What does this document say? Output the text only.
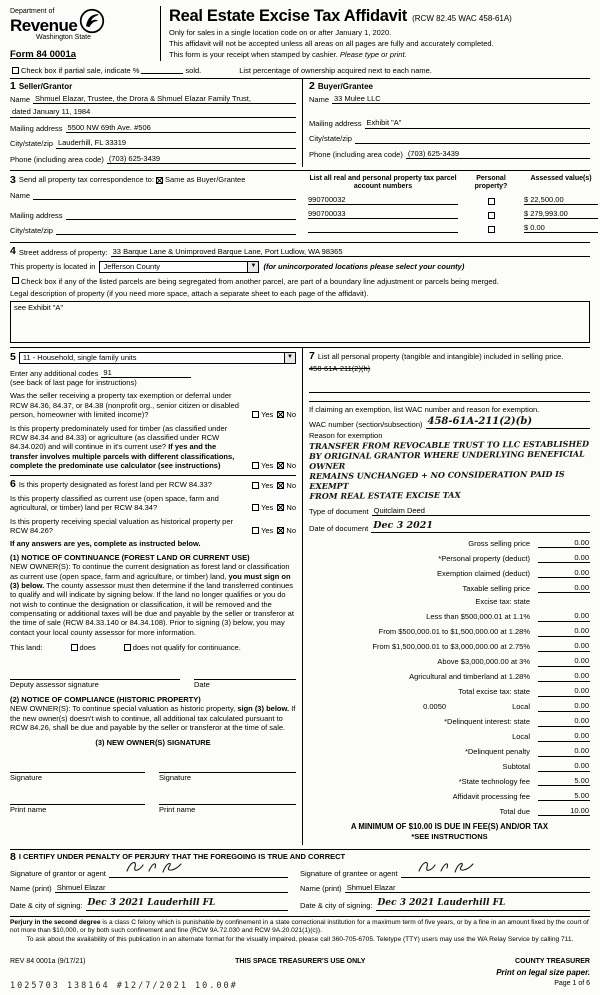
Department of
Revenue
Washington State
Form 84 0001a
Real Estate Excise Tax Affidavit (RCW 82.45 WAC 458-61A)
Only for sales in a single location code on or after January 1, 2020.
This affidavit will not be accepted unless all areas on all pages are fully and accurately completed.
This form is your receipt when stamped by cashier. Please type or print.
Check box if partial sale, indicate %	sold.	List percentage of ownership acquired next to each name.
1 Seller/Grantor
Name Shmuel Elazar, Trustee, the Drora & Shmuel Elazar Family Trust,
dated January 11, 1984
Mailing address 5500 NW 69th Ave. #506
City/state/zip Lauderhill, FL 33319
Phone (including area code) (703) 625-3439
2 Buyer/Grantee
Name 33 Mulee LLC
Mailing address Exhibit "A"
City/state/zip
Phone (including area code) (703) 625-3439
3 Send all property tax correspondence to: Same as Buyer/Grantee
Name
Mailing address
City/state/zip
List all real and personal property tax parcel account numbers
Personal property?
Assessed value(s)
990700032	$ 22,500.00
990700033	$ 279,993.00
$ 0.00
4 Street address of property: 33 Barque Lane & Unimproved Barque Lane, Port Ludlow, WA 98365
This property is located in Jefferson County	▼ (for unincorporated locations please select your county)
Check box if any of the listed parcels are being segregated from another parcel, are part of a boundary line adjustment or parcels being merged.
Legal description of property (if you need more space, attach a separate sheet to each page of the affidavit).
see Exhibit "A"
5 11 - Household, single family units	▼
Enter any additional codes 91
(see back of last page for instructions)
Was the seller receiving a property tax exemption or deferral under RCW 84.36, 84.37, or 84.38 (nonprofit org., senior citizen or disabled person, homeowner with limited income)?	Yes No
Is this property predominately used for timber (as classified under RCW 84.34 and 84.33) or agriculture (as classified under RCW 84.34.020) and will continue in it's current use? If yes and the transfer involves multiple parcels with different classifications, complete the predominate use calculator (see instructions)	Yes No
6 Is this property designated as forest land per RCW 84.33?	Yes No
Is this property classified as current use (open space, farm and agricultural, or timber) land per RCW 84.34?	Yes No
Is this property receiving special valuation as historical property per RCW 84.26?	Yes No
If any answers are yes, complete as instructed below.
(1) NOTICE OF CONTINUANCE (FOREST LAND OR CURRENT USE)
NEW OWNER(S): To continue the current designation as forest land or classification as current use (open space, farm and agriculture, or timber) land, you must sign on (3) below. The county assessor must then determine if the land transferred continues to qualify and will indicate by signing below. If the land no longer qualifies or you do not wish to continue the designation or classification, it will be removed and the compensating or additional taxes will be due and payable by the seller or transferor at the time of sale (RCW 84.33.140 or 84.34.108). Prior to signing (3) below, you may contact your local county assessor for more information.
This land:	does	does not qualify for continuance.
Deputy assessor signature	Date
(2) NOTICE OF COMPLIANCE (HISTORIC PROPERTY)
NEW OWNER(S): To continue special valuation as historic property, sign (3) below. If the new owner(s) doesn't wish to continue, all additional tax calculated pursuant to RCW 84.26, shall be due and payable by the seller or transferor at the time of sale.
(3) NEW OWNER(S) SIGNATURE
Signature	Signature
Print name	Print name
7 List all personal property (tangible and intangible) included in selling price.
458-61A-211(2)(h)
If claiming an exemption, list WAC number and reason for exemption.
WAC number (section/subsection) 458-61A-211(2)(b)
Reason for exemption
TRANSFER FROM REVOCABLE TRUST TO LLC ESTABLISHED
BY ORIGINAL GRANTOR WHERE UNDERLYING BENEFICIAL OWNER
REMAINS UNCHANGED + NO CONSIDERATION PAID IS EXEMPT
FROM REAL ESTATE EXCISE TAX
Type of document Quitclaim Deed
Date of document Dec 3 2021
Gross selling price	0.00
*Personal property (deduct)	0.00
Exemption claimed (deduct)	0.00
Taxable selling price	0.00
Excise tax: state
Less than $500,000.01 at 1.1%	0.00
From $500,000.01 to $1,500,000.00 at 1.28%	0.00
From $1,500,000.01 to $3,000,000.00 at 2.75%	0.00
Above $3,000,000.00 at 3%	0.00
Agricultural and timberland at 1.28%	0.00
Total excise tax: state	0.00
0.0050	Local	0.00
*Delinquent interest: state	0.00
Local	0.00
*Delinquent penalty	0.00
Subtotal	0.00
*State technology fee	5.00
Affidavit processing fee	5.00
Total due	10.00
A MINIMUM OF $10.00 IS DUE IN FEE(S) AND/OR TAX
*SEE INSTRUCTIONS
8 I CERTIFY UNDER PENALTY OF PERJURY THAT THE FOREGOING IS TRUE AND CORRECT
Signature of grantor or agent
Name (print) Shmuel Elazar
Date & city of signing: Dec 3 2021 Lauderhill FL
Signature of grantee or agent
Name (print) Shmuel Elazar
Date & city of signing: Dec 3 2021 Lauderhill FL
Perjury in the second degree is a class C felony which is punishable by confinement in a state correctional institution for a maximum term of five years, or by a fine in an amount fixed by the court of not more than $10,000, or by both such confinement and fine (RCW 9A.72.030 and RCW 9A.20.021(1)(c)).
To ask about the availability of this publication in an alternate format for the visually impaired, please call 360-705-6705. Teletype (TTY) users may use the WA Relay Service by calling 711.
REV 84 0001a (9/17/21)	THIS SPACE TREASURER'S USE ONLY	COUNTY TREASURER
1025703 138164 #12/7/2021 10.00#
Print on legal size paper.
Page 1 of 6
